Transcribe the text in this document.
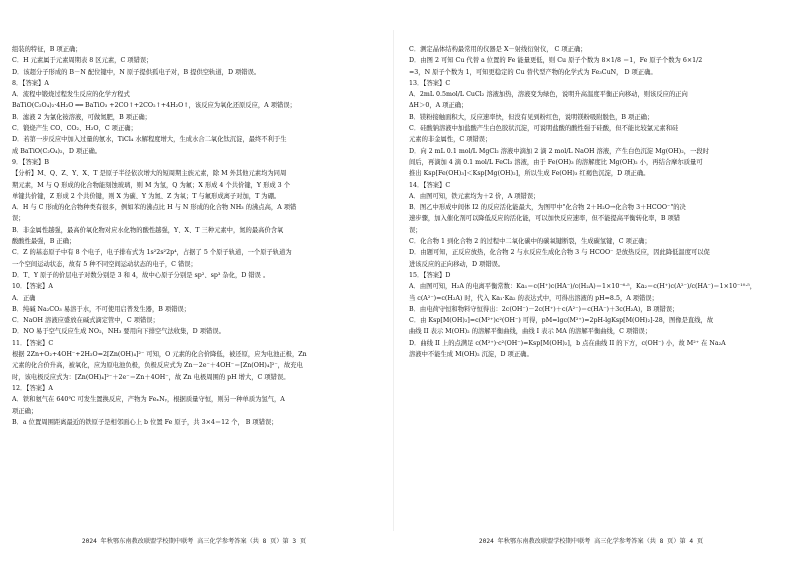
组装的特征，B 项正确；
C．H 元素属于元素周期表 8 区元素，C 项错误；
D．该超分子形成的 B－N 配位键中，N 原子提供孤电子对，B 提供空轨道，D 项错误。
8．【答案】A
A．流程中锻烧过程发生反应的化学方程式
BaTiO(C₂O₄)₂·4H₂O ══ BaTiO₃ +2CO↑+2CO₂↑+4H₂O↑，该反应为氧化还原反应，A 项错误；
B．滤液 2 为氯化铵溶液，可做氮肥，B 项正确；
C．锻烧产生 CO、CO₂、H₂O，C 项正确；
D．若第一步反应中加入过量的氨水，TiCl₄ 水解程度增大，生成水合二氧化钛沉淀，最终不利于生
成 BaTiO(C₂O₄)₂，D 项正确。
9．【答案】B
【分析】M、Q、Z、Y、X、T 是原子半径依次增大的短周期主族元素，除 M 外其他元素均为同周
期元素，M 与 Q 形成的化合物能刻蚀玻璃，则 M 为氢，Q 为氟；X 形成 4 个共价键，Y 形成 3 个
单键共价键，Z 形成 2 个共价键，则 X 为碳、Y 为氮、Z 为氧；T 与氟形成离子对加，T 为硼。
A．H 与 C 形成的化合物种类有很多，例如苯的沸点比 H 与 N 形成的化合物 NH₃ 的沸点高，A 项错
误；
B．非金属性越强，最高价氧化物对应水化物的酸性越强，Y、X、T 三种元素中，氮的最高价含氧
酸酸性最强，B 正确；
C．Z 的基态原子中有 8 个电子，电子排布式为 1s²2s²2p⁴，占据了 5 个原子轨道，一个原子轨道为
一个空间运动状态，故有 5 种不同空间运动状态的电子，C 错误；
D．T、Y 原子的价层电子对数分别是 3 和 4，故中心原子分别是 sp²、sp³ 杂化，D 错误 。
10．【答案】A
A．正确
B．纯碱 Na₂CO₃ 易溶于水，不可使用启普发生器，B 项错误；
C．NaOH 溶液应盛放在碱式滴定管中，C 项错误；
D．NO 易于空气反应生成 NO₂，NH₃ 要用向下排空气法收集，D 项错误。
11．【答案】C
根据 2Zn+O₂+4OH⁻+2H₂O=2[Zn(OH)₄]²⁻ 可知，O 元素的化合价降低，被还原，应为电池正极，Zn
元素的化合价升高，被氧化，应为原电池负极，负极反应式为 Zn－2e⁻＋4OH⁻＝[Zn(OH)₄]²⁻，故充电
时，该电极反应式为：[Zn(OH)₄]²⁻＋2e⁻＝Zn＋4OH⁻，故 Zn 电极周围的 pH 增大，C 项错误。
12．【答案】A
A．铁和氨气在 640℃ 可发生置换反应，产物为 FeₓNᵧ，根据质量守恒，则另一种单质为氢气，A
项正确；
B．a 位置周围距离最近的铁原子是相邻面心上 b 位置 Fe 原子，共 3×4＝12 个， B 项错误；
2024 年秋鄂东南教改联盟学校期中联考 高三化学参考答案（共 8 页）第 3 页
C．测定晶体结构最常用的仪器是 X－射线衍射仪， C 项正确；
D．由图 2 可知 Cu 代替 a 位置的 Fe 能量更低，则 Cu 原子个数为 8×1/8 ＝1，Fe 原子个数为 6×1/2
=3，N 原子个数为 1，可知更稳定的 Cu 替代型产物的化学式为 Fe₃CuN， D 项正确。
13．【答案】C
A．2mL 0.5mol/L CuCl₂ 溶液加热，溶液变为绿色，说明升高温度平衡正向移动，则该反应的正向
ΔH＞0，A 项正确；
B．镁粉接触面积大，反应速率快，但没有见到粉红色，说明镁粉吸附脱色，B 项正确；
C．硅酸钠溶液中加盐酸产生白色胶状沉淀，可说明盐酸的酸性强于硅酸，但不能比较氯元素和硅
元素的非金属性，C 项错误；
D．向 2 mL 0.1 mol/L MgCl₂ 溶液中滴加 2 滴 2 mol/L NaOH 溶液，产生白色沉淀 Mg(OH)₂，一段时
间后，再滴加 4 滴 0.1 mol/L FeCl₃ 溶液，由于 Fe(OH)₃ 的溶解度比 Mg(OH)₂ 小，再结合摩尔质量可
推出 Ksp[Fe(OH)₃]＜Ksp[Mg(OH)₂]，所以生成 Fe(OH)₃ 红褐色沉淀，D 项正确。
14．【答案】C
A．由图可知，铁元素均为＋2 价，A 项错误；
B．图乙中形成中间体 I2 的反应活化能最大，为图甲中"化合物 2＋H₂O→化合物 3＋HCOO⁻"的决
速步骤，加入催化剂可以降低反应的活化能，可以加快反应速率，但不能提高平衡转化率，B 项错
误；
C．化合物 1 到化合物 2 的过程中二氧化碳中的碳氧键断裂，生成碳氢键，C 项正确；
D．由题可知，正反应放热，化合物 2 与水反应生成化合物 3 与 HCOO⁻ 是放热反应，因此降低温度可以促
进该反应的正向移动，D 项错误。
15．【答案】D
A．由图可知，H₂A 的电离平衡常数：Ka₁＝c(H⁺)c(HA⁻)/c(H₂A)＝1×10⁻⁶·⁵，Ka₂＝c(H⁺)c(A²⁻)/c(HA⁻)＝1×10⁻¹⁰·⁵，
当 c(A²⁻)=c(H₂A) 时，代入 Ka₁·Ka₂ 的表达式中，可得出溶液的 pH=8.5，A 项错误；
B．由电荷守恒和物料守恒得出：2c(OH⁻)－2c(H⁺)＋c(A²⁻)＝c(HA⁻)＋3c(H₂A)，B 项错误；
C．由 Ksp[M(OH)₂]=c(M²⁺)c²(OH⁻) 可得，pM=lgc(M²⁺)=2pH-lgKsp[M(OH)₂]-28，图像是直线，故
曲线 II 表示 M(OH)₂ 的溶解平衡曲线，曲线 I 表示 MA 的溶解平衡曲线，C 项错误；
D．曲线 II 上的点满足 c(M²⁺)·c²(OH⁻)=Ksp[M(OH)₂]，b 点在曲线 II 的下方，c(OH⁻) 小，故 M²⁺ 在 Na₂A
溶液中不能生成 M(OH)₂ 沉淀，D 项正确。
2024 年秋鄂东南教改联盟学校期中联考 高三化学参考答案（共 8 页）第 4 页
